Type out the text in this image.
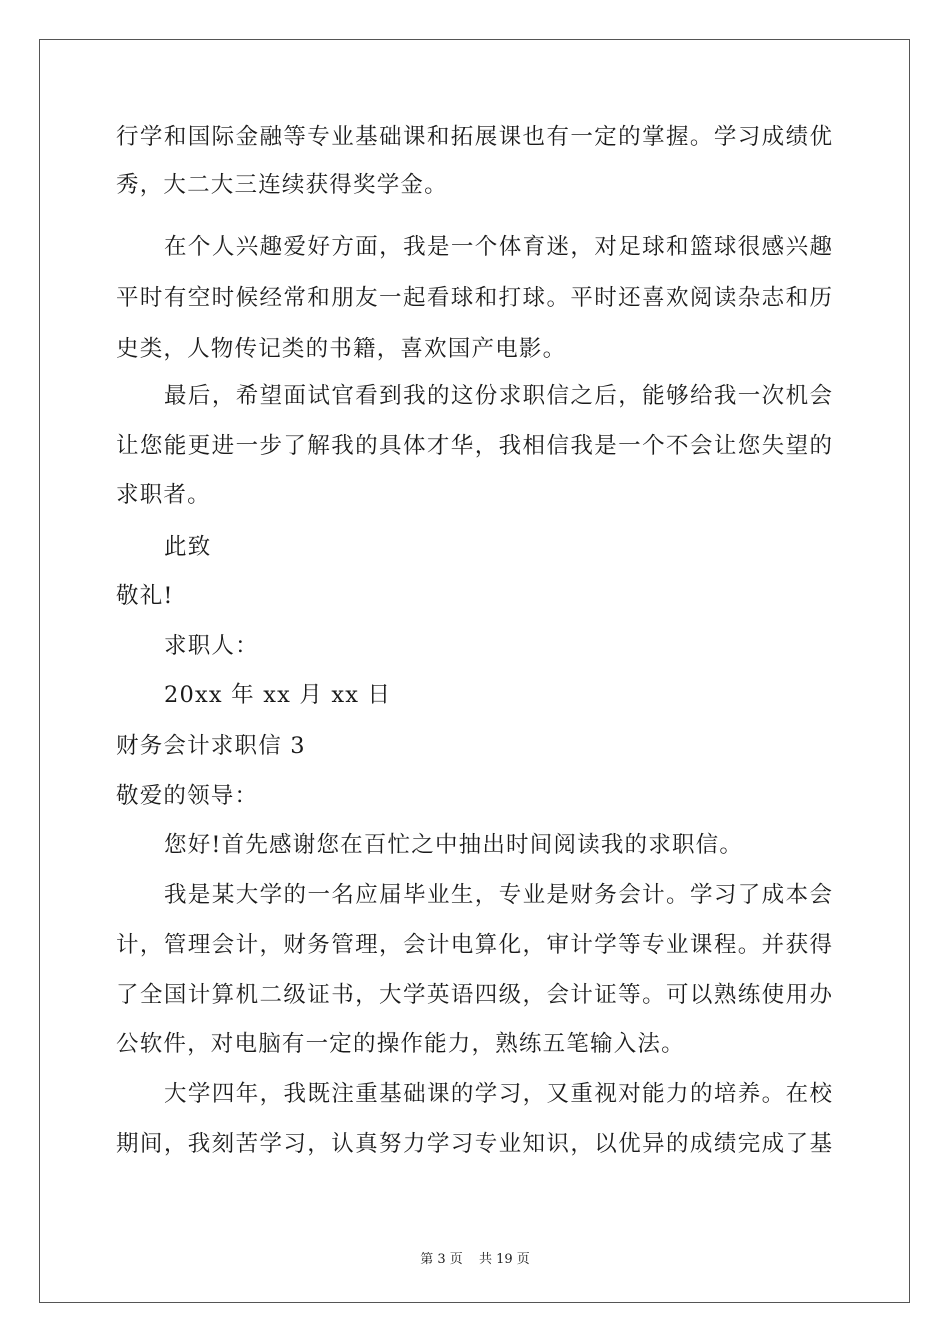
行学和国际金融等专业基础课和拓展课也有一定的掌握。学习成绩优
秀，大二大三连续获得奖学金。
在个人兴趣爱好方面，我是一个体育迷，对足球和篮球很感兴趣
平时有空时候经常和朋友一起看球和打球。平时还喜欢阅读杂志和历
史类，人物传记类的书籍，喜欢国产电影。
最后，希望面试官看到我的这份求职信之后，能够给我一次机会
让您能更进一步了解我的具体才华，我相信我是一个不会让您失望的
求职者。
此致
敬礼!
求职人：
20xx 年 xx 月 xx 日
财务会计求职信 3
敬爱的领导：
您好!首先感谢您在百忙之中抽出时间阅读我的求职信。
我是某大学的一名应届毕业生，专业是财务会计。学习了成本会
计，管理会计，财务管理，会计电算化，审计学等专业课程。并获得
了全国计算机二级证书，大学英语四级，会计证等。可以熟练使用办
公软件，对电脑有一定的操作能力，熟练五笔输入法。
大学四年，我既注重基础课的学习，又重视对能力的培养。在校
期间，我刻苦学习，认真努力学习专业知识，以优异的成绩完成了基
第 3 页 共 19 页
